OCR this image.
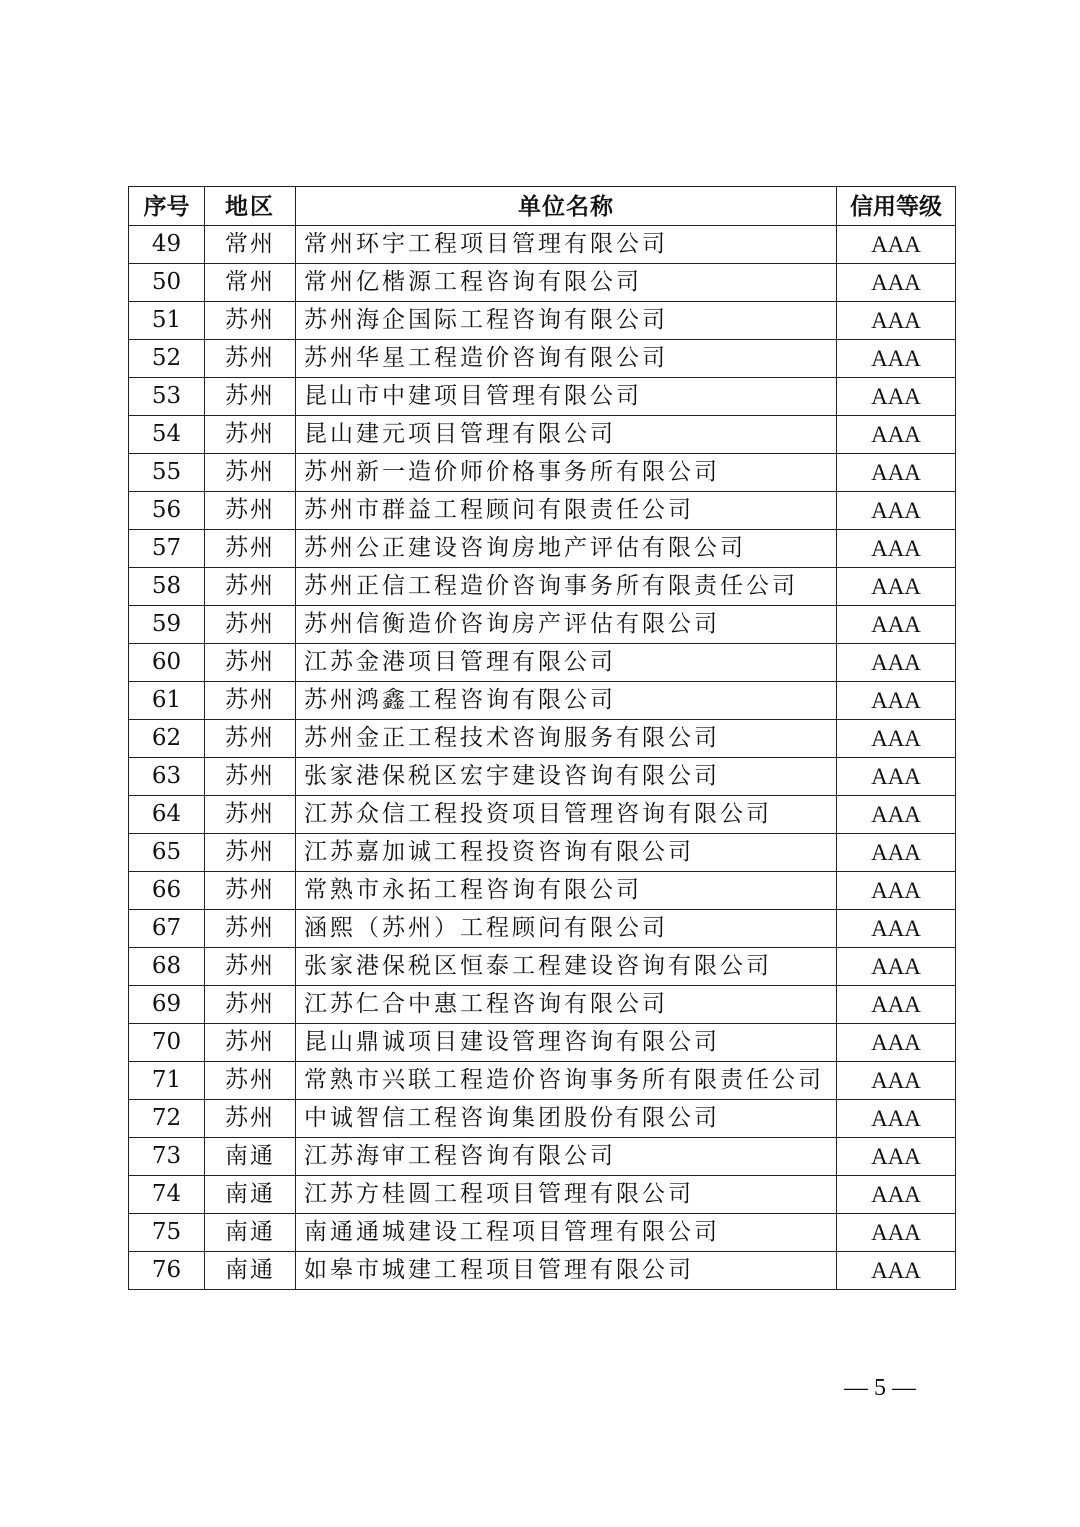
序号	地区	单位名称	信用等级
49	常州	常州环宇工程项目管理有限公司	AAA
50	常州	常州亿楷源工程咨询有限公司	AAA
51	苏州	苏州海企国际工程咨询有限公司	AAA
52	苏州	苏州华星工程造价咨询有限公司	AAA
53	苏州	昆山市中建项目管理有限公司	AAA
54	苏州	昆山建元项目管理有限公司	AAA
55	苏州	苏州新一造价师价格事务所有限公司	AAA
56	苏州	苏州市群益工程顾问有限责任公司	AAA
57	苏州	苏州公正建设咨询房地产评估有限公司	AAA
58	苏州	苏州正信工程造价咨询事务所有限责任公司	AAA
59	苏州	苏州信衡造价咨询房产评估有限公司	AAA
60	苏州	江苏金港项目管理有限公司	AAA
61	苏州	苏州鸿鑫工程咨询有限公司	AAA
62	苏州	苏州金正工程技术咨询服务有限公司	AAA
63	苏州	张家港保税区宏宇建设咨询有限公司	AAA
64	苏州	江苏众信工程投资项目管理咨询有限公司	AAA
65	苏州	江苏嘉加诚工程投资咨询有限公司	AAA
66	苏州	常熟市永拓工程咨询有限公司	AAA
67	苏州	涵熙（苏州）工程顾问有限公司	AAA
68	苏州	张家港保税区恒泰工程建设咨询有限公司	AAA
69	苏州	江苏仁合中惠工程咨询有限公司	AAA
70	苏州	昆山鼎诚项目建设管理咨询有限公司	AAA
71	苏州	常熟市兴联工程造价咨询事务所有限责任公司	AAA
72	苏州	中诚智信工程咨询集团股份有限公司	AAA
73	南通	江苏海审工程咨询有限公司	AAA
74	南通	江苏方桂圆工程项目管理有限公司	AAA
75	南通	南通通城建设工程项目管理有限公司	AAA
76	南通	如皋市城建工程项目管理有限公司	AAA
— 5 —
